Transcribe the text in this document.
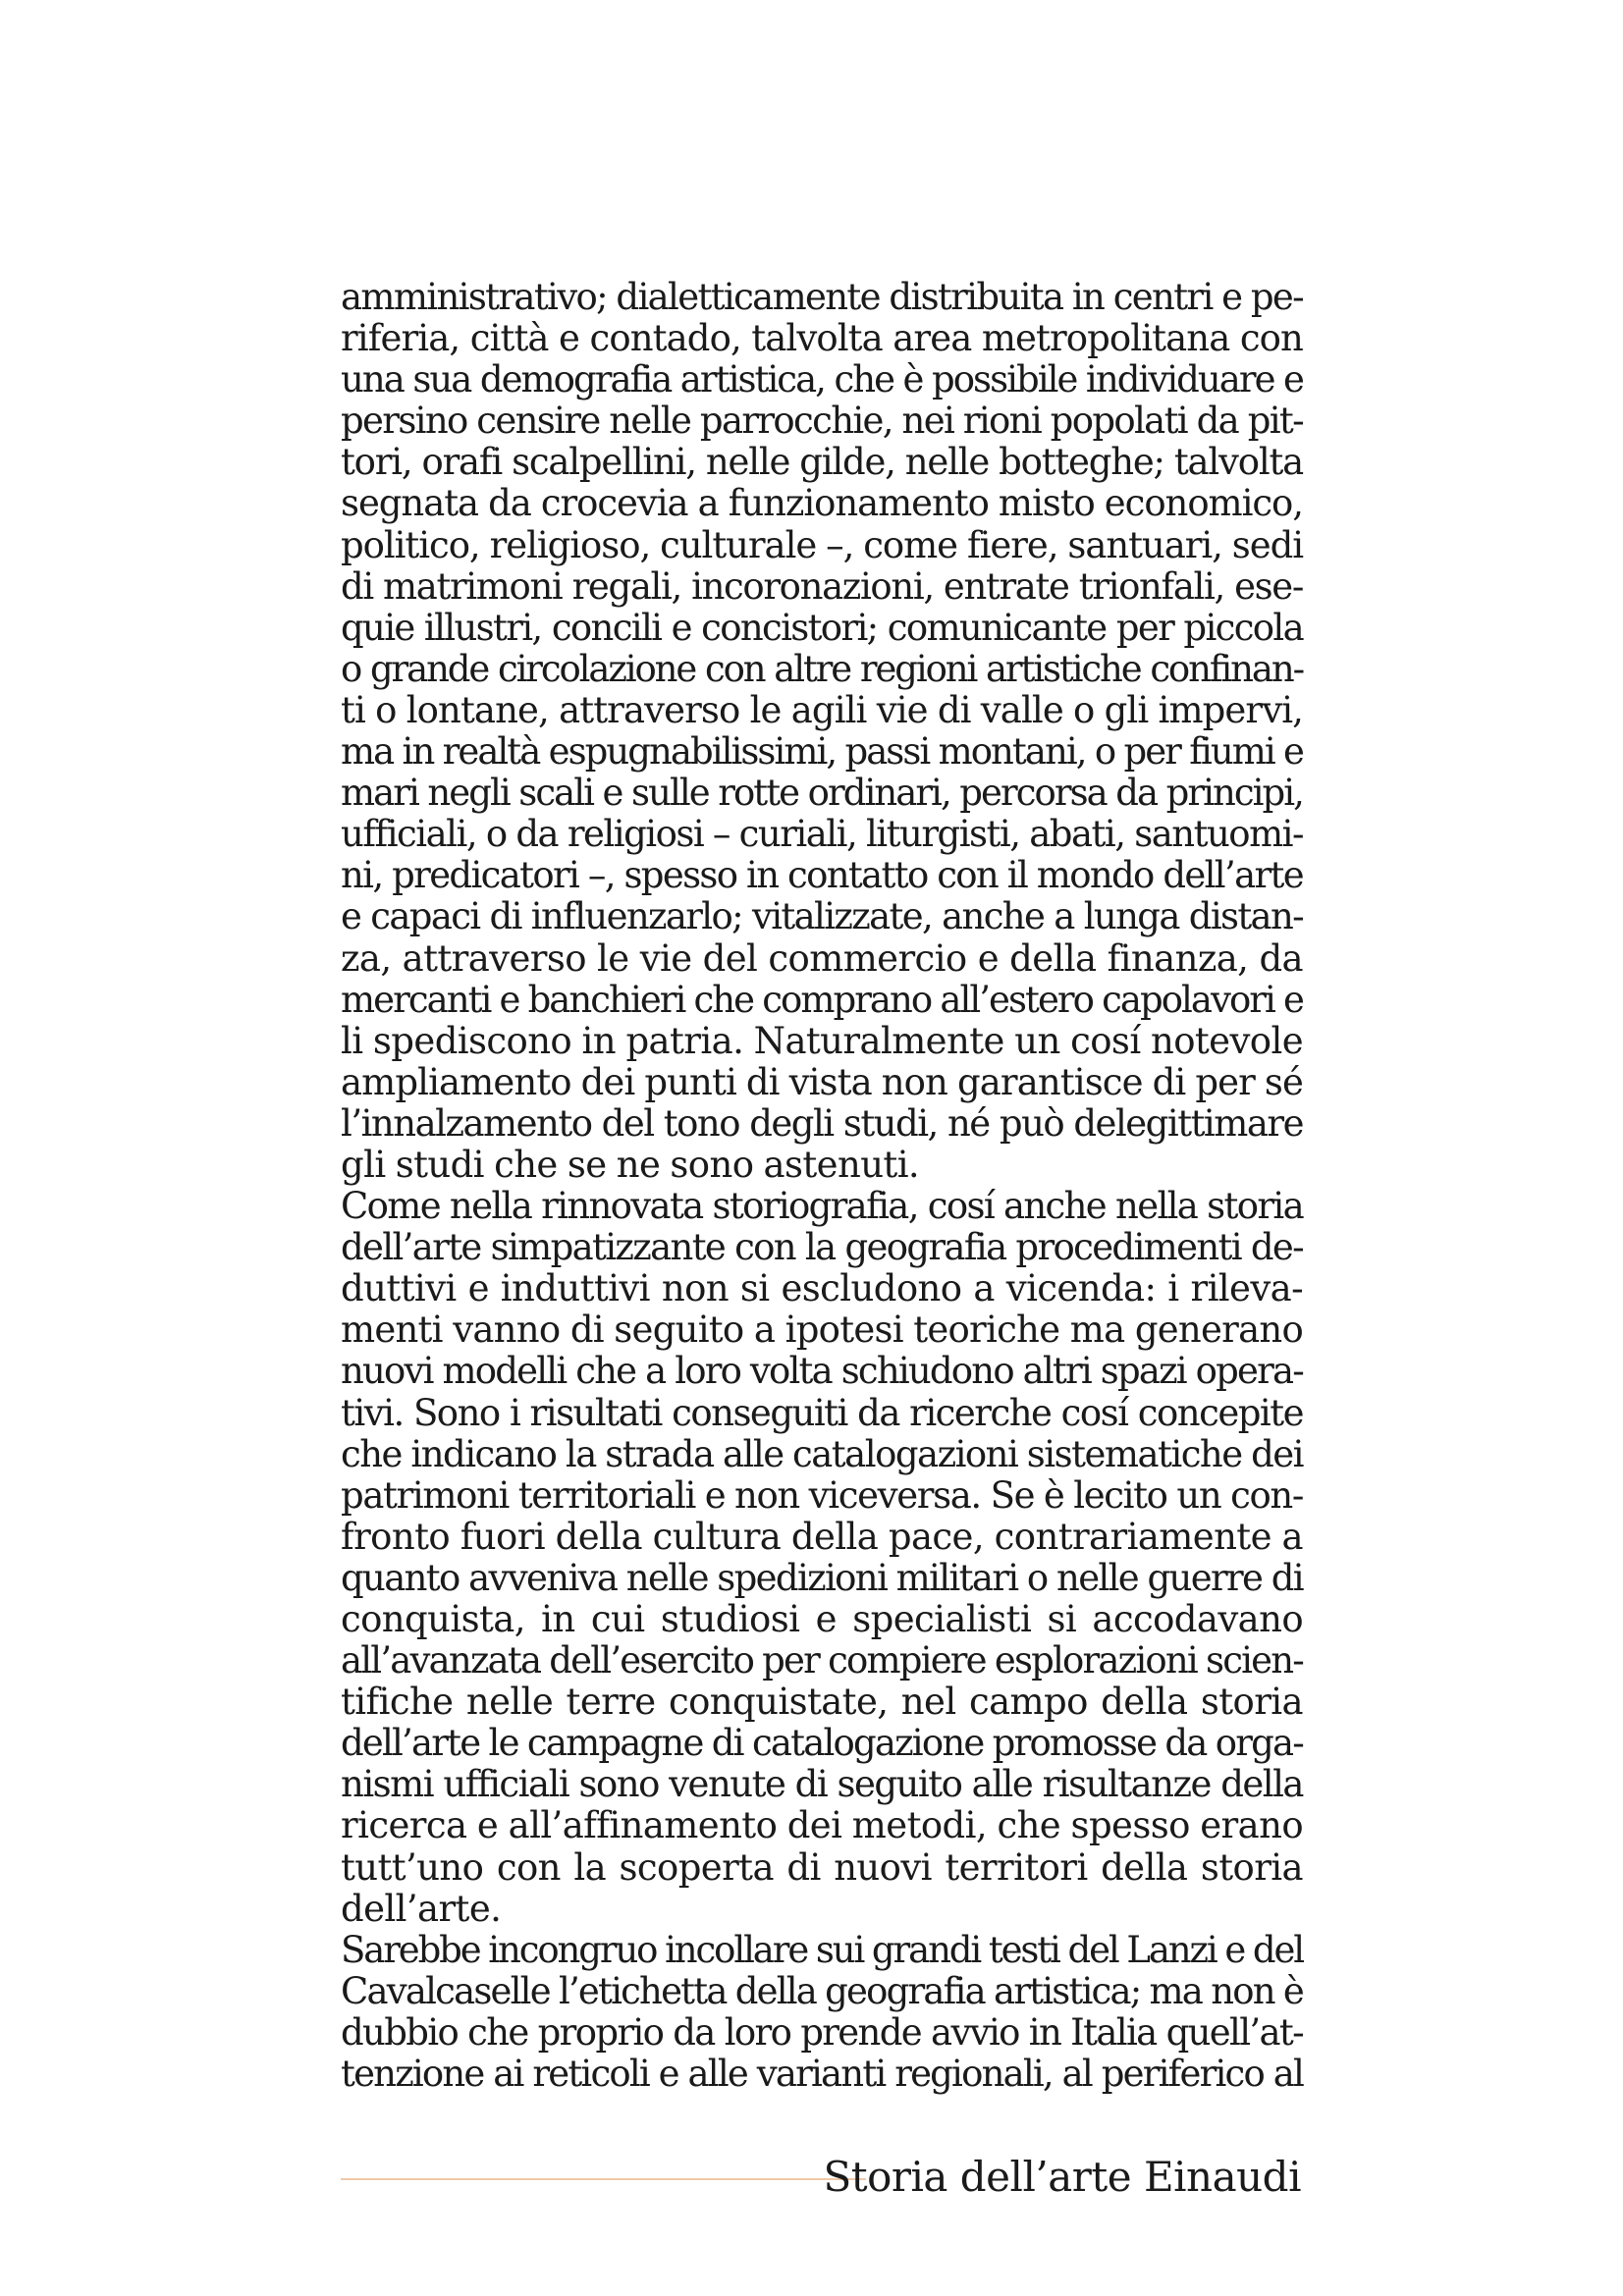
amministrativo; dialetticamente distribuita in centri e pe-
riferia, città e contado, talvolta area metropolitana con
una sua demografia artistica, che è possibile individuare e
persino censire nelle parrocchie, nei rioni popolati da pit-
tori, orafi scalpellini, nelle gilde, nelle botteghe; talvolta
segnata da crocevia a funzionamento misto economico,
politico, religioso, culturale –, come fiere, santuari, sedi
di matrimoni regali, incoronazioni, entrate trionfali, ese-
quie illustri, concili e concistori; comunicante per piccola
o grande circolazione con altre regioni artistiche confinan-
ti o lontane, attraverso le agili vie di valle o gli impervi,
ma in realtà espugnabilissimi, passi montani, o per fiumi e
mari negli scali e sulle rotte ordinari, percorsa da principi,
ufficiali, o da religiosi – curiali, liturgisti, abati, santuomi-
ni, predicatori –, spesso in contatto con il mondo dell’arte
e capaci di influenzarlo; vitalizzate, anche a lunga distan-
za, attraverso le vie del commercio e della finanza, da
mercanti e banchieri che comprano all’estero capolavori e
li spediscono in patria. Naturalmente un cosí notevole
ampliamento dei punti di vista non garantisce di per sé
l’innalzamento del tono degli studi, né può delegittimare
gli studi che se ne sono astenuti.
Come nella rinnovata storiografia, cosí anche nella storia
dell’arte simpatizzante con la geografia procedimenti de-
duttivi e induttivi non si escludono a vicenda: i rileva-
menti vanno di seguito a ipotesi teoriche ma generano
nuovi modelli che a loro volta schiudono altri spazi opera-
tivi. Sono i risultati conseguiti da ricerche cosí concepite
che indicano la strada alle catalogazioni sistematiche dei
patrimoni territoriali e non viceversa. Se è lecito un con-
fronto fuori della cultura della pace, contrariamente a
quanto avveniva nelle spedizioni militari o nelle guerre di
conquista, in cui studiosi e specialisti si accodavano
all’avanzata dell’esercito per compiere esplorazioni scien-
tifiche nelle terre conquistate, nel campo della storia
dell’arte le campagne di catalogazione promosse da orga-
nismi ufficiali sono venute di seguito alle risultanze della
ricerca e all’affinamento dei metodi, che spesso erano
tutt’uno con la scoperta di nuovi territori della storia
dell’arte.
Sarebbe incongruo incollare sui grandi testi del Lanzi e del
Cavalcaselle l’etichetta della geografia artistica; ma non è
dubbio che proprio da loro prende avvio in Italia quell’at-
tenzione ai reticoli e alle varianti regionali, al periferico al
Storia dell’arte Einaudi
